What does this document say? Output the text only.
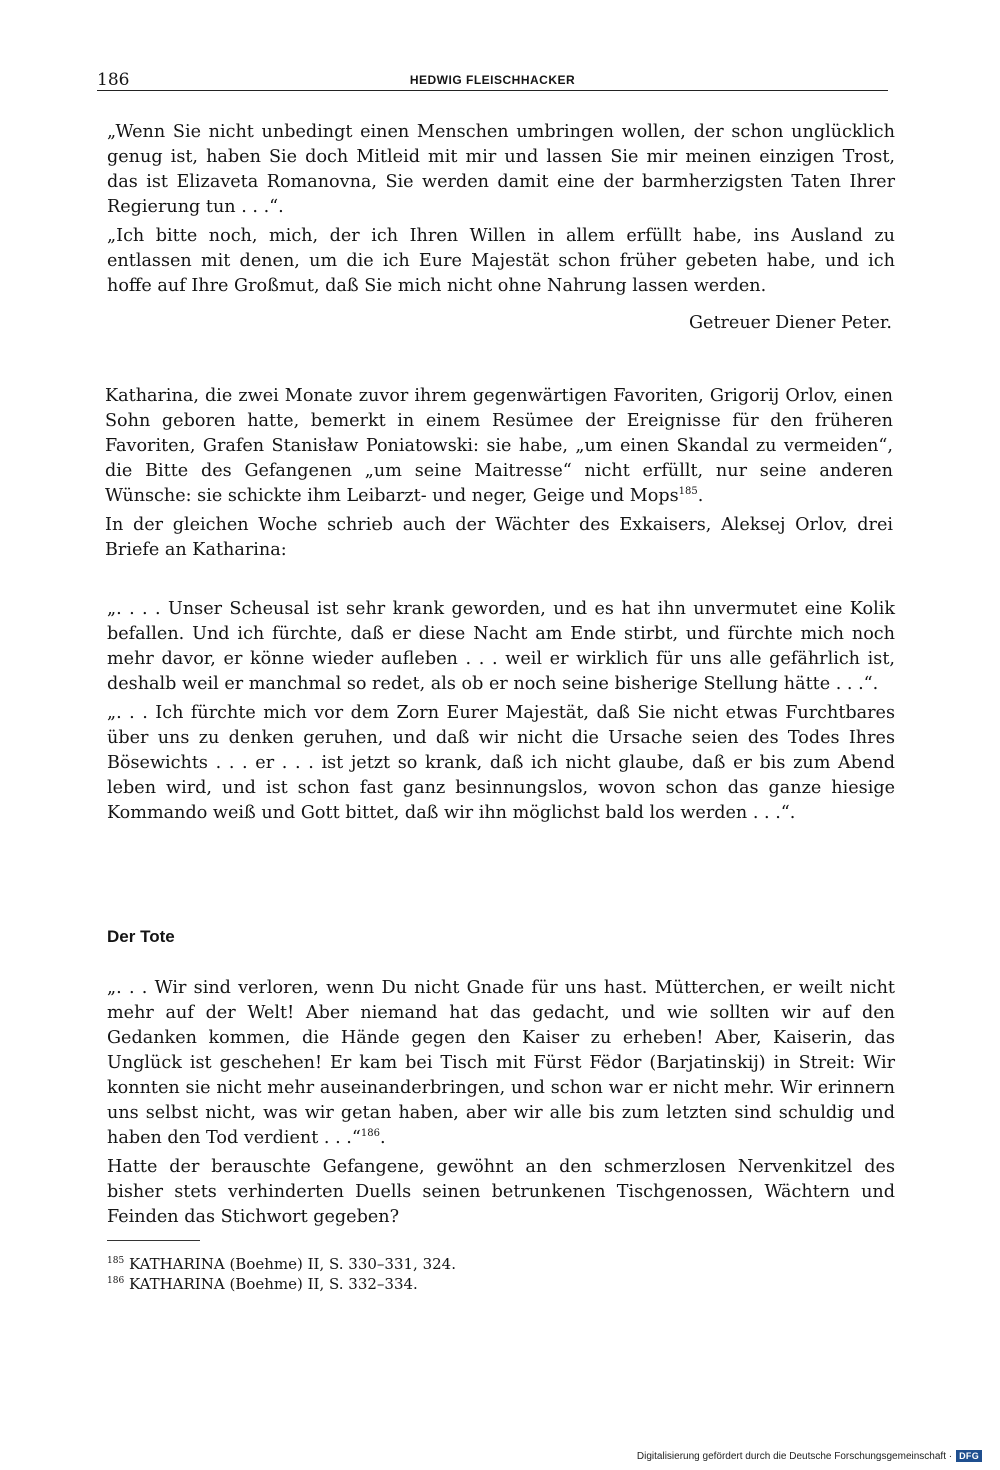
186	HEDWIG FLEISCHHACKER

„Wenn Sie nicht unbedingt einen Menschen umbringen wollen, der schon unglücklich genug ist, haben Sie doch Mitleid mit mir und lassen Sie mir meinen einzigen Trost, das ist Elizaveta Romanovna, Sie werden damit eine der barmherzigsten Taten Ihrer Regierung tun . . .“.

„Ich bitte noch, mich, der ich Ihren Willen in allem erfüllt habe, ins Ausland zu entlassen mit denen, um die ich Eure Majestät schon früher gebeten habe, und ich hoffe auf Ihre Großmut, daß Sie mich nicht ohne Nahrung lassen werden.

Getreuer Diener Peter.

Katharina, die zwei Monate zuvor ihrem gegenwärtigen Favoriten, Grigorij Orlov, einen Sohn geboren hatte, bemerkt in einem Resümee der Ereignisse für den früheren Favoriten, Grafen Stanisław Poniatowski: sie habe, „um einen Skandal zu vermeiden“, die Bitte des Gefangenen „um seine Maitresse“ nicht erfüllt, nur seine anderen Wünsche: sie schickte ihm Leibarzt- und neger, Geige und Mops$^{185}$.

In der gleichen Woche schrieb auch der Wächter des Exkaisers, Aleksej Orlov, drei Briefe an Katharina:

„. . . . Unser Scheusal ist sehr krank geworden, und es hat ihn unvermutet eine Kolik befallen. Und ich fürchte, daß er diese Nacht am Ende stirbt, und fürchte mich noch mehr davor, er könne wieder aufleben . . . weil er wirklich für uns alle gefährlich ist, deshalb weil er manchmal so redet, als ob er noch seine bisherige Stellung hätte . . .“.

„. . . Ich fürchte mich vor dem Zorn Eurer Majestät, daß Sie nicht etwas Furchtbares über uns zu denken geruhen, und daß wir nicht die Ursache seien des Todes Ihres Bösewichts . . . er . . . ist jetzt so krank, daß ich nicht glaube, daß er bis zum Abend leben wird, und ist schon fast ganz besinnungslos, wovon schon das ganze hiesige Kommando weiß und Gott bittet, daß wir ihn möglichst bald los werden . . .“.

Der Tote

„. . . Wir sind verloren, wenn Du nicht Gnade für uns hast. Mütterchen, er weilt nicht mehr auf der Welt! Aber niemand hat das gedacht, und wie sollten wir auf den Gedanken kommen, die Hände gegen den Kaiser zu erheben! Aber, Kaiserin, das Unglück ist geschehen! Er kam bei Tisch mit Fürst Fëdor (Barjatinskij) in Streit: Wir konnten sie nicht mehr auseinanderbringen, und schon war er nicht mehr. Wir erinnern uns selbst nicht, was wir getan haben, aber wir alle bis zum letzten sind schuldig und haben den Tod verdient . . .“$^{186}$.

Hatte der berauschte Gefangene, gewöhnt an den schmerzlosen Nervenkitzel des bisher stets verhinderten Duells seinen betrunkenen Tischgenossen, Wächtern und Feinden das Stichwort gegeben?

$^{185}$ KATHARINA (Boehme) II, S. 330–331, 324.
$^{186}$ KATHARINA (Boehme) II, S. 332–334.
Digitalisierung gefördert durch die Deutsche Forschungsgemeinschaft · DFG
